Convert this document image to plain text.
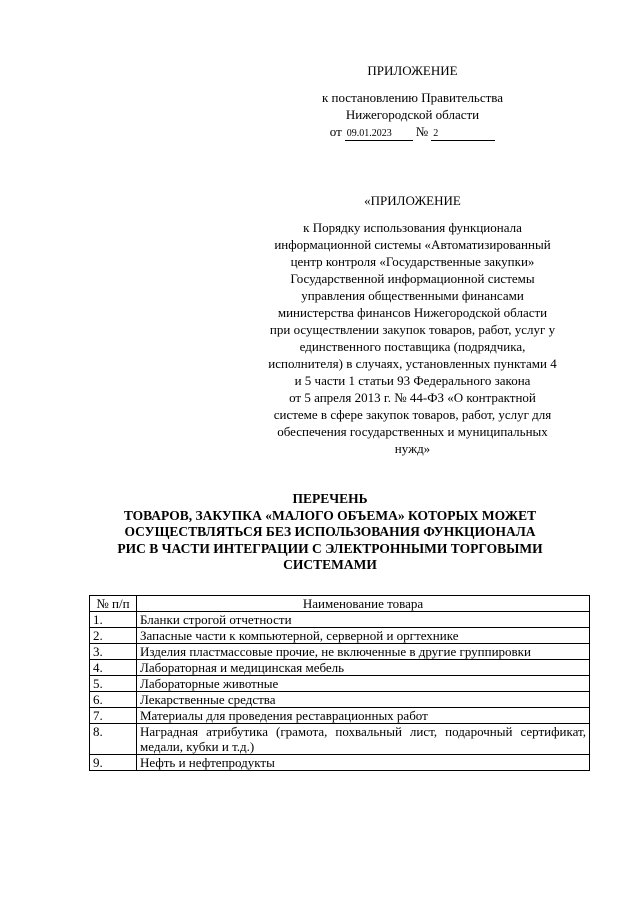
ПРИЛОЖЕНИЕ
к постановлению Правительства
Нижегородской области
от 09.01.2023	№ 2
«ПРИЛОЖЕНИЕ
к Порядку использования функционала
информационной системы «Автоматизированный
центр контроля «Государственные закупки»
Государственной информационной системы
управления общественными финансами
министерства финансов Нижегородской области
при осуществлении закупок товаров, работ, услуг у
единственного поставщика (подрядчика,
исполнителя) в случаях, установленных пунктами 4
и 5 части 1 статьи 93 Федерального закона
от 5 апреля 2013 г. № 44-ФЗ «О контрактной
системе в сфере закупок товаров, работ, услуг для
обеспечения государственных и муниципальных
нужд»
ПЕРЕЧЕНЬ
ТОВАРОВ, ЗАКУПКА «МАЛОГО ОБЪЕМА» КОТОРЫХ МОЖЕТ
ОСУЩЕСТВЛЯТЬСЯ БЕЗ ИСПОЛЬЗОВАНИЯ ФУНКЦИОНАЛА
РИС В ЧАСТИ ИНТЕГРАЦИИ С ЭЛЕКТРОННЫМИ ТОРГОВЫМИ
СИСТЕМАМИ
№ п/п	Наименование товара
1.	Бланки строгой отчетности
2.	Запасные части к компьютерной, серверной и оргтехнике
3.	Изделия пластмассовые прочие, не включенные в другие группировки
4.	Лабораторная и медицинская мебель
5.	Лабораторные животные
6.	Лекарственные средства
7.	Материалы для проведения реставрационных работ
8.	Наградная атрибутика (грамота, похвальный лист, подарочный сертификат, медали, кубки и т.д.)
9.	Нефть и нефтепродукты
